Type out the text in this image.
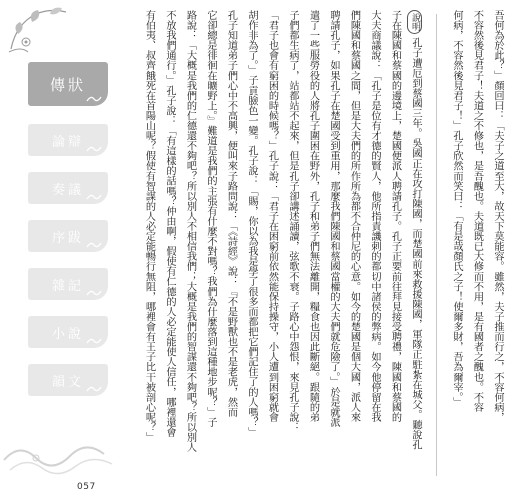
傳狀
論辯
奏議
序跋
雜記
小說
韻文
057
吾何為於此？」顏回曰：「夫子之道至大，故天下莫能容。雖然，夫子推而行之，不容何病，
不容然後見君子！夫道之不修也，是吾醜也。夫道既已大修而不用，是有國者之醜也。不容
何病，不容然後見君子！」孔子欣然而笑曰：「有是哉顏氏之子！使爾多財，吾為爾宰。」
說明孔子遭厄到蔡國三年。吳國正在攻打陳國，而楚國前來救援陳國，軍隊正駐紮在城父。聽說孔
子在陳國和蔡國的邊境上，楚國便派人聘請孔子。孔子正要前往拜見接受聘禮，陳國和蔡國的
大夫商議說：「孔子是位有才德的賢人，他所指責譏刺的都切中諸侯的弊病。如今他停留在我
們陳國和蔡國之間，但是大夫們的所作所為都不合仲尼的心意。如今的楚國是個大國，派人來
聘請孔子，如果孔子在楚國受到重用，那麼我們陳國和蔡國當權的大夫們就危險了。」於是就派
遣了一些服勞役的人將孔子圍困在野外，孔子和弟子們無法離開，糧食也因此斷絕。跟隨的弟
子們都生病了，站都站不起來，但是孔子卻講述誦讀，弦歌不衰。子路心中怨恨，來見孔子說：
「君子也會有窮困的時候嗎？」孔子說：「君子在困窮前依然能保持操守，小人遭到困窮就會
胡作非為了。」子貢臉色一變。孔子說：「賜，你以為我是學了很多而都把它們記住了的人嗎？」
孔子知道弟子們心中不高興，便叫來子路問說：「《詩經》說：『不是野獸也不是老虎，然而
它卻總是徘徊在曠野上。』難道是我們的主張有什麼不對嗎？我們為什麼落到這種地步呢？」子
路說：「大概是我們的仁德還不夠吧？所以別人不相信我們；大概是我們的智謀還不夠吧？所以別人
不放我們通行。」孔子說：「有這樣的話嗎？仲由啊，假使有仁德的人必定能使人信任，哪裡還會
有伯夷、叔齊餓死在首陽山呢？假使有智謀的人必定能暢行無阻，哪裡會有王子比干被剖心呢？」
